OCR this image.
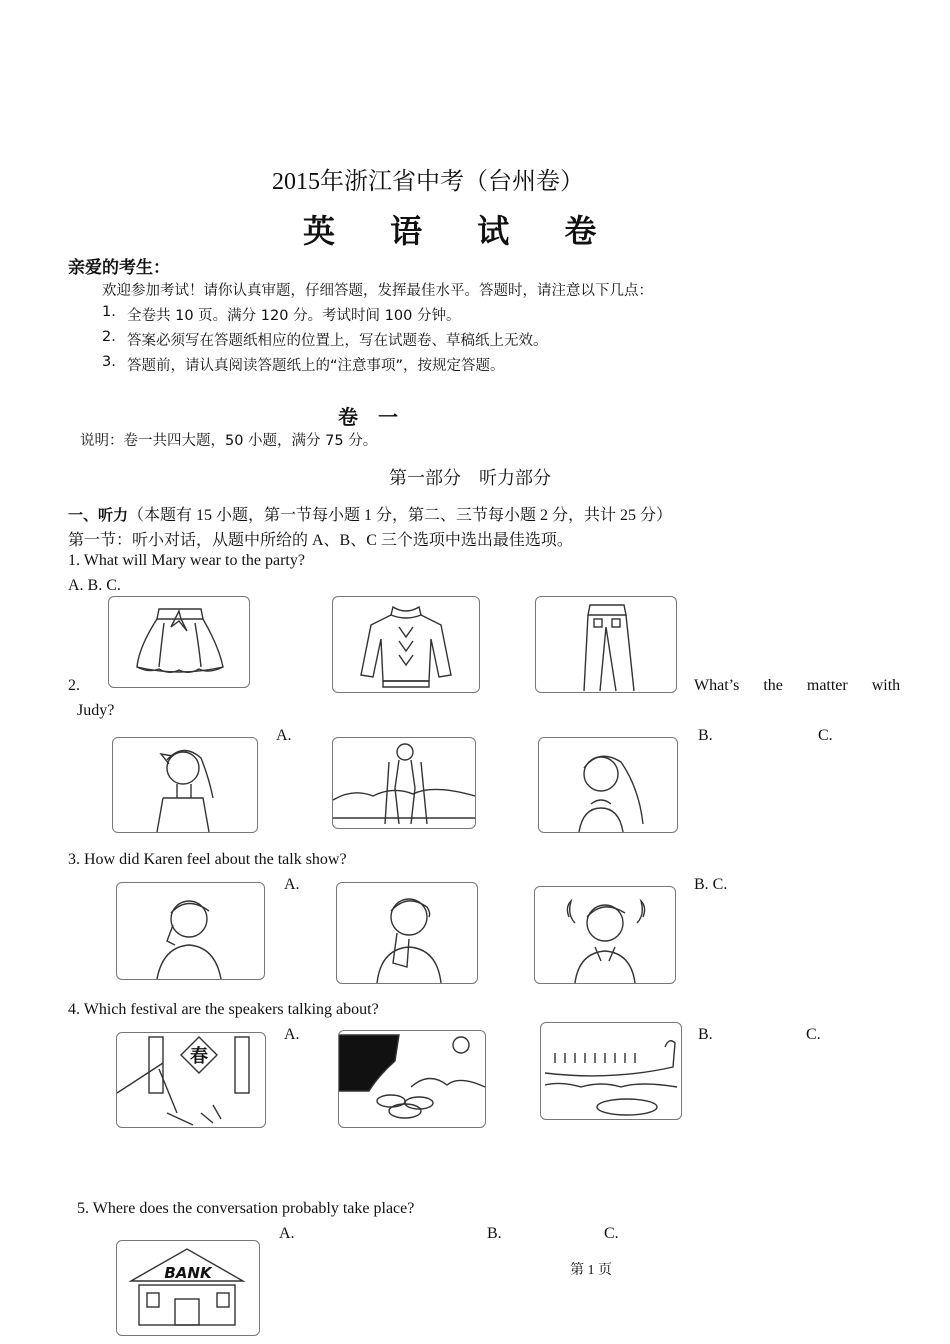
2015年浙江省中考（台州卷）
英 语 试 卷
亲爱的考生：
欢迎参加考试！请你认真审题，仔细答题，发挥最佳水平。答题时，请注意以下几点：
1. 全卷共 10 页。满分 120 分。考试时间 100 分钟。
2. 答案必须写在答题纸相应的位置上，写在试题卷、草稿纸上无效。
3. 答题前，请认真阅读答题纸上的“注意事项”，按规定答题。
卷　一
说明：卷一共四大题，50 小题，满分 75 分。
第一部分　听力部分
一、听力（本题有 15 小题，第一节每小题 1 分，第二、三节每小题 2 分，共计 25 分）
第一节：听小对话，从题中所给的 A、B、C 三个选项中选出最佳选项。
1. What will Mary wear to the party?
A. B. C.
2.	What’s      the      matter      with
Judy?
A.	B.	C.
3. How did Karen feel about the talk show?
A.	B. C.
4. Which festival are the speakers talking about?
A.	B.	C.
春
5. Where does the conversation probably take place?
A.	B.	C.
BANK	第 1 页
